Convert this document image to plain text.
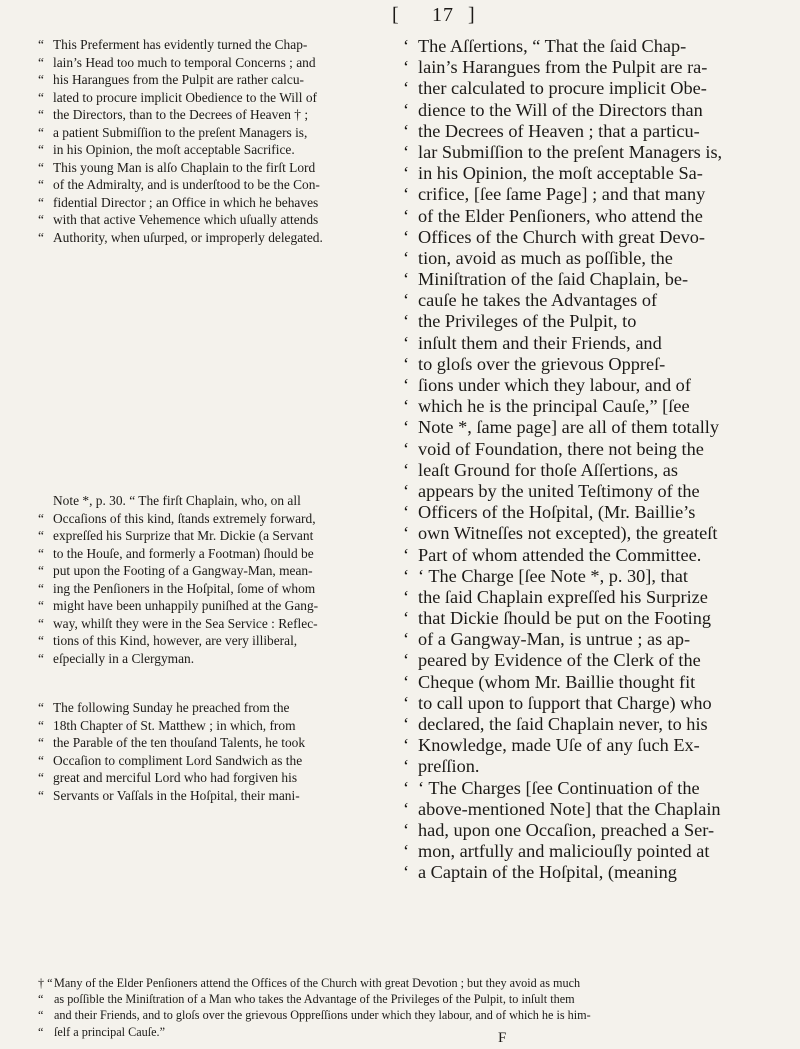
[ 17 ]
“ This Preferment has evidently turned the Chap-
“ lain’s Head too much to temporal Concerns ; and
“ his Harangues from the Pulpit are rather calcu-
“ lated to procure implicit Obedience to the Will of
“ the Directors, than to the Decrees of Heaven † ;
“ a patient Submiſſion to the preſent Managers is,
“ in his Opinion, the moſt acceptable Sacrifice.
“ This young Man is alſo Chaplain to the firſt Lord
“ of the Admiralty, and is underſtood to be the Con-
“ fidential Director ; an Office in which he behaves
“ with that active Vehemence which uſually attends
“ Authority, when uſurped, or improperly delegated.
Note *, p. 30. “ The firſt Chaplain, who, on all
“ Occaſions of this kind, ſtands extremely forward,
“ expreſſed his Surprize that Mr. Dickie (a Servant
“ to the Houſe, and formerly a Footman) ſhould be
“ put upon the Footing of a Gangway-Man, mean-
“ ing the Penſioners in the Hoſpital, ſome of whom
“ might have been unhappily puniſhed at the Gang-
“ way, whilſt they were in the Sea Service : Reflec-
“ tions of this Kind, however, are very illiberal,
“ eſpecially in a Clergyman.
“ The following Sunday he preached from the
“ 18th Chapter of St. Matthew ; in which, from
“ the Parable of the ten thouſand Talents, he took
“ Occaſion to compliment Lord Sandwich as the
“ great and merciful Lord who had forgiven his
“ Servants or Vaſſals in the Hoſpital, their mani-
‘ The Aſſertions, “ That the ſaid Chap-
‘ lain’s Harangues from the Pulpit are ra-
‘ ther calculated to procure implicit Obe-
‘ dience to the Will of the Directors than
‘ the Decrees of Heaven ; that a particu-
‘ lar Submiſſion to the preſent Managers is,
‘ in his Opinion, the moſt acceptable Sa-
‘ crifice, [ſee ſame Page] ; and that many
‘ of the Elder Penſioners, who attend the
‘ Offices of the Church with great Devo-
‘ tion, avoid as much as poſſible, the
‘ Miniſtration of the ſaid Chaplain, be-
‘ cauſe he takes the Advantages of
‘ the Privileges of the Pulpit, to
‘ inſult them and their Friends, and
‘ to gloſs over the grievous Oppreſ-
‘ ſions under which they labour, and of
‘ which he is the principal Cauſe,” [ſee
‘ Note *, ſame page] are all of them totally
‘ void of Foundation, there not being the
‘ leaſt Ground for thoſe Aſſertions, as
‘ appears by the united Teſtimony of the
‘ Officers of the Hoſpital, (Mr. Baillie’s
‘ own Witneſſes not excepted), the greateſt
‘ Part of whom attended the Committee.
‘ ‘ The Charge [ſee Note *, p. 30], that
‘ the ſaid Chaplain expreſſed his Surprize
‘ that Dickie ſhould be put on the Footing
‘ of a Gangway-Man, is untrue ; as ap-
‘ peared by Evidence of the Clerk of the
‘ Cheque (whom Mr. Baillie thought fit
‘ to call upon to ſupport that Charge) who
‘ declared, the ſaid Chaplain never, to his
‘ Knowledge, made Uſe of any ſuch Ex-
‘ preſſion.
‘ ‘ The Charges [ſee Continuation of the
‘ above-mentioned Note] that the Chaplain
‘ had, upon one Occaſion, preached a Ser-
‘ mon, artfully and maliciouſly pointed at
‘ a Captain of the Hoſpital, (meaning
† “Many of the Elder Penſioners attend the Offices of the Church with great Devotion ; but they avoid as much
“ as poſſible the Miniſtration of a Man who takes the Advantage of the Privileges of the Pulpit, to inſult them
“ and their Friends, and to gloſs over the grievous Oppreſſions under which they labour, and of which he is him-
“ ſelf a principal Cauſe.”	F
